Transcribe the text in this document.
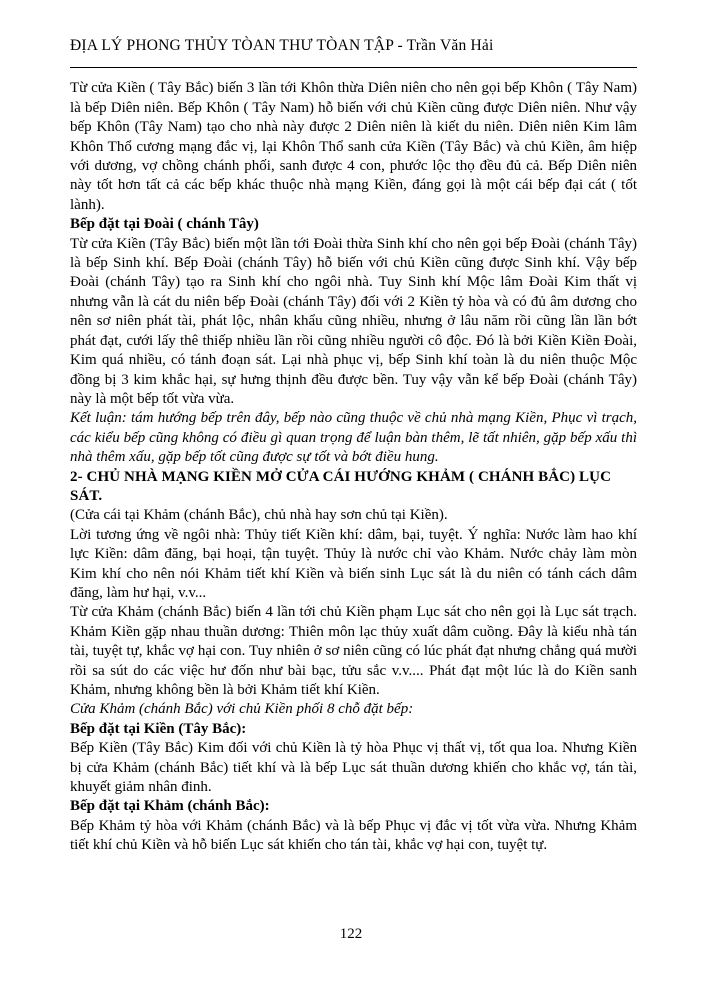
ĐỊA LÝ PHONG THỦY TÒAN THƯ TÒAN TẬP - Trần Văn Hải

Từ cửa Kiền ( Tây Bắc) biến 3 lần tới Khôn thừa Diên niên cho nên gọi bếp Khôn ( Tây Nam) là bếp Diên niên. Bếp Khôn ( Tây Nam) hỗ biến với chủ Kiền cũng được Diên niên. Như vậy bếp Khôn (Tây Nam) tạo cho nhà này được 2 Diên niên là kiết du niên. Diên niên Kim lâm Khôn Thổ cương mạng đắc vị, lại Khôn Thổ sanh cửa Kiền (Tây Bắc) và chủ Kiền, âm hiệp với dương, vợ chồng chánh phối, sanh được 4 con, phước lộc thọ đều đủ cả. Bếp Diên niên này tốt hơn tất cả các bếp khác thuộc nhà mạng Kiền, đáng gọi là một cái bếp đại cát ( tốt lành).

Bếp đặt tại Đoài ( chánh Tây)

Từ cửa Kiền (Tây Bắc) biến một lần tới Đoài thừa Sinh khí cho nên gọi bếp Đoài (chánh Tây) là bếp Sinh khí. Bếp Đoài (chánh Tây) hỗ biến với chủ Kiền cũng được Sinh khí. Vậy bếp Đoài (chánh Tây) tạo ra Sinh khí cho ngôi nhà. Tuy Sinh khí Mộc lâm Đoài Kim thất vị nhưng vẫn là cát du niên bếp Đoài (chánh Tây) đối với 2 Kiền tỷ hòa và có đủ âm dương cho nên sơ niên phát tài, phát lộc, nhân khẩu cũng nhiều, nhưng ở lâu năm rồi cũng lần lần bớt phát đạt, cưới lấy thê thiếp nhiều lần rồi cũng nhiều người cô độc. Đó là bởi Kiền Kiền Đoài, Kim quá nhiều, có tánh đoạn sát. Lại nhà phục vị, bếp Sinh khí toàn là du niên thuộc Mộc đồng bị 3 kim khắc hại, sự hưng thịnh đều được bền. Tuy vậy vẫn kể bếp Đoài (chánh Tây) này là một bếp tốt vừa vừa.

Kết luận: tám hướng bếp trên đây, bếp nào cũng thuộc về chủ nhà mạng Kiền, Phục vì trạch, các kiểu bếp cũng không có điều gì quan trọng để luận bàn thêm, lẽ tất nhiên, gặp bếp xấu thì nhà thêm xấu, gặp bếp tốt cũng được sự tốt và bớt điều hung.

2- CHỦ NHÀ MẠNG KIỀN MỞ CỬA CÁI HƯỚNG KHẢM ( CHÁNH BẮC) LỤC SÁT.

(Cửa cái tại Khảm (chánh Bắc), chủ nhà hay sơn chủ tại Kiền).

Lời tương ứng về ngôi nhà: Thủy tiết Kiền khí: dâm, bại, tuyệt. Ý nghĩa: Nước làm hao khí lực Kiền: dâm đăng, bại hoại, tận tuyệt. Thủy là nước chỉ vào Khảm. Nước chảy làm mòn Kim khí cho nên nói Khảm tiết khí Kiền và biến sinh Lục sát là du niên có tánh cách dâm đăng, làm hư hại, v.v...

Từ cửa Khảm (chánh Bắc) biến 4 lần tới chủ Kiền phạm Lục sát cho nên gọi là Lục sát trạch. Khảm Kiền gặp nhau thuần dương: Thiên môn lạc thủy xuất dâm cuồng. Đây là kiểu nhà tán tài, tuyệt tự, khắc vợ hại con. Tuy nhiên ở sơ niên cũng có lúc phát đạt nhưng chẳng quá mười rồi sa sút do các việc hư đốn như bài bạc, tửu sắc v.v.... Phát đạt một lúc là do Kiền sanh Khảm, nhưng không bền là bởi Khảm tiết khí Kiền.

Cửa Khảm (chánh Bắc) với chủ Kiền phối 8 chỗ đặt bếp:

Bếp đặt tại Kiền (Tây Bắc):

Bếp Kiền (Tây Bắc) Kim đối với chủ Kiền là tỷ hòa Phục vị thất vị, tốt qua loa. Nhưng Kiền bị cửa Khảm (chánh Bắc) tiết khí và là bếp Lục sát thuần dương khiến cho khắc vợ, tán tài, khuyết giảm nhân đinh.

Bếp đặt tại Khảm (chánh Bắc):

Bếp Khảm tỷ hòa với Khảm (chánh Bắc) và là bếp Phục vị đắc vị tốt vừa vừa. Nhưng Khảm tiết khí chủ Kiền và hỗ biến Lục sát khiến cho tán tài, khắc vợ hại con, tuyệt tự.

122
